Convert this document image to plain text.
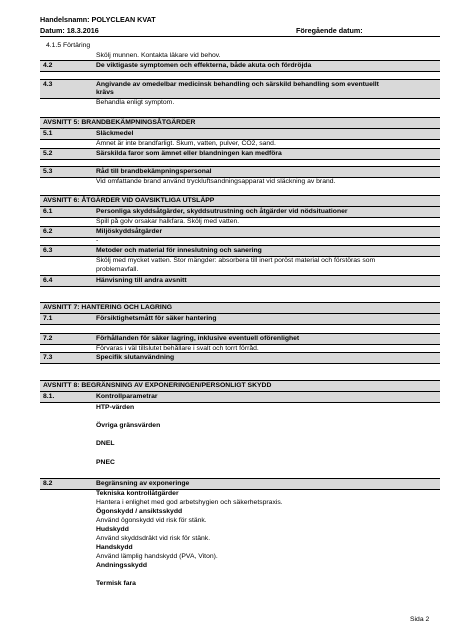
Handelsnamn: POLYCLEAN KVAT
Datum: 18.3.2016	Föregående datum:
4.1.5 Förtäring
Skölj munnen. Kontakta läkare vid behov.
4.2	De viktigaste symptomen och effekterna, både akuta och fördröjda
4.3	Angivande av omedelbar medicinsk behandling och särskild behandling som eventuellt
krävs
Behandla enligt symptom.
AVSNITT 5: BRANDBEKÄMPNINGSÅTGÄRDER
5.1	Släckmedel
Ämnet är inte brandfarligt. Skum, vatten, pulver, CO2, sand.
5.2	Särskilda faror som ämnet eller blandningen kan medföra
5.3	Råd till brandbekämpningspersonal
Vid omfattande brand använd tryckluftsandningsapparat vid släckning av brand.
AVSNITT 6: ÅTGÄRDER VID OAVSIKTLIGA UTSLÄPP
6.1	Personliga skyddsåtgärder, skyddsutrustning och åtgärder vid nödsituationer
Spill på golv orsakar halkfara. Skölj med vatten.
6.2	Miljöskyddsåtgärder
-
6.3	Metoder och material för inneslutning och sanering
Skölj med mycket vatten. Stor mängder: absorbera till inert poröst material och förstöras som
problemavfall.
6.4	Hänvisning till andra avsnitt
AVSNITT 7: HANTERING OCH LAGRING
7.1	Försiktighetsmått för säker hantering
7.2	Förhållanden för säker lagring, inklusive eventuell oförenlighet
Förvaras i väl tillslutet behållare i svalt och torrt förråd.
7.3	Specifik slutanvändning
AVSNITT 8: BEGRÄNSNING AV EXPONERINGEN/PERSONLIGT SKYDD
8.1.	Kontrollparametrar
HTP-värden
Övriga gränsvärden
DNEL
PNEC
8.2	Begränsning av exponeringe
Tekniska kontrollåtgärder
Hantera i enlighet med god arbetshygien och säkerhetspraxis.
Ögonskydd / ansiktsskydd
Använd ögonskydd vid risk för stänk.
Hudskydd
Använd skyddsdräkt vid risk för stänk.
Handskydd
Använd lämplig handskydd (PVA, Viton).
Andningsskydd
Termisk fara
Sida 2
